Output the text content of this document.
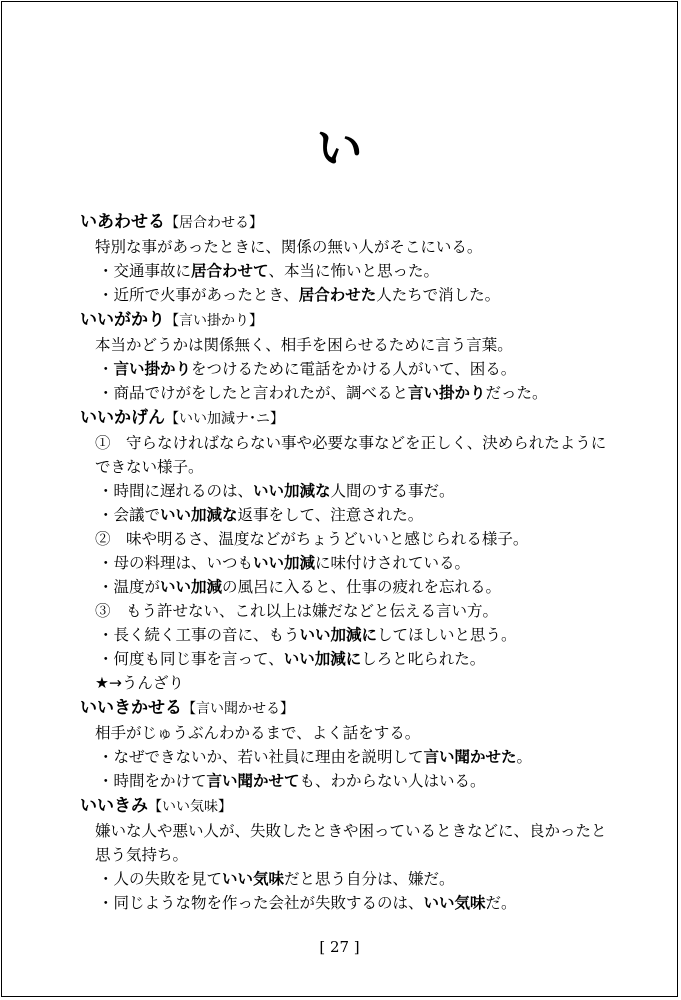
い
いあわせる【居合わせる】
特別な事があったときに、関係の無い人がそこにいる。
・交通事故に居合わせて、本当に怖いと思った。
・近所で火事があったとき、居合わせた人たちで消した。
いいがかり【言い掛かり】
本当かどうかは関係無く、相手を困らせるために言う言葉。
・言い掛かりをつけるために電話をかける人がいて、困る。
・商品でけがをしたと言われたが、調べると言い掛かりだった。
いいかげん【いい加減ナ･ニ】
①　守らなければならない事や必要な事などを正しく、決められたようにできない様子。
・時間に遅れるのは、いい加減な人間のする事だ。
・会議でいい加減な返事をして、注意された。
②　味や明るさ、温度などがちょうどいいと感じられる様子。
・母の料理は、いつもいい加減に味付けされている。
・温度がいい加減の風呂に入ると、仕事の疲れを忘れる。
③　もう許せない、これ以上は嫌だなどと伝える言い方。
・長く続く工事の音に、もういい加減にしてほしいと思う。
・何度も同じ事を言って、いい加減にしろと叱られた。
★→うんざり
いいきかせる【言い聞かせる】
相手がじゅうぶんわかるまで、よく話をする。
・なぜできないか、若い社員に理由を説明して言い聞かせた。
・時間をかけて言い聞かせても、わからない人はいる。
いいきみ【いい気味】
嫌いな人や悪い人が、失敗したときや困っているときなどに、良かったと思う気持ち。
・人の失敗を見ていい気味だと思う自分は、嫌だ。
・同じような物を作った会社が失敗するのは、いい気味だ。
[ 27 ]
